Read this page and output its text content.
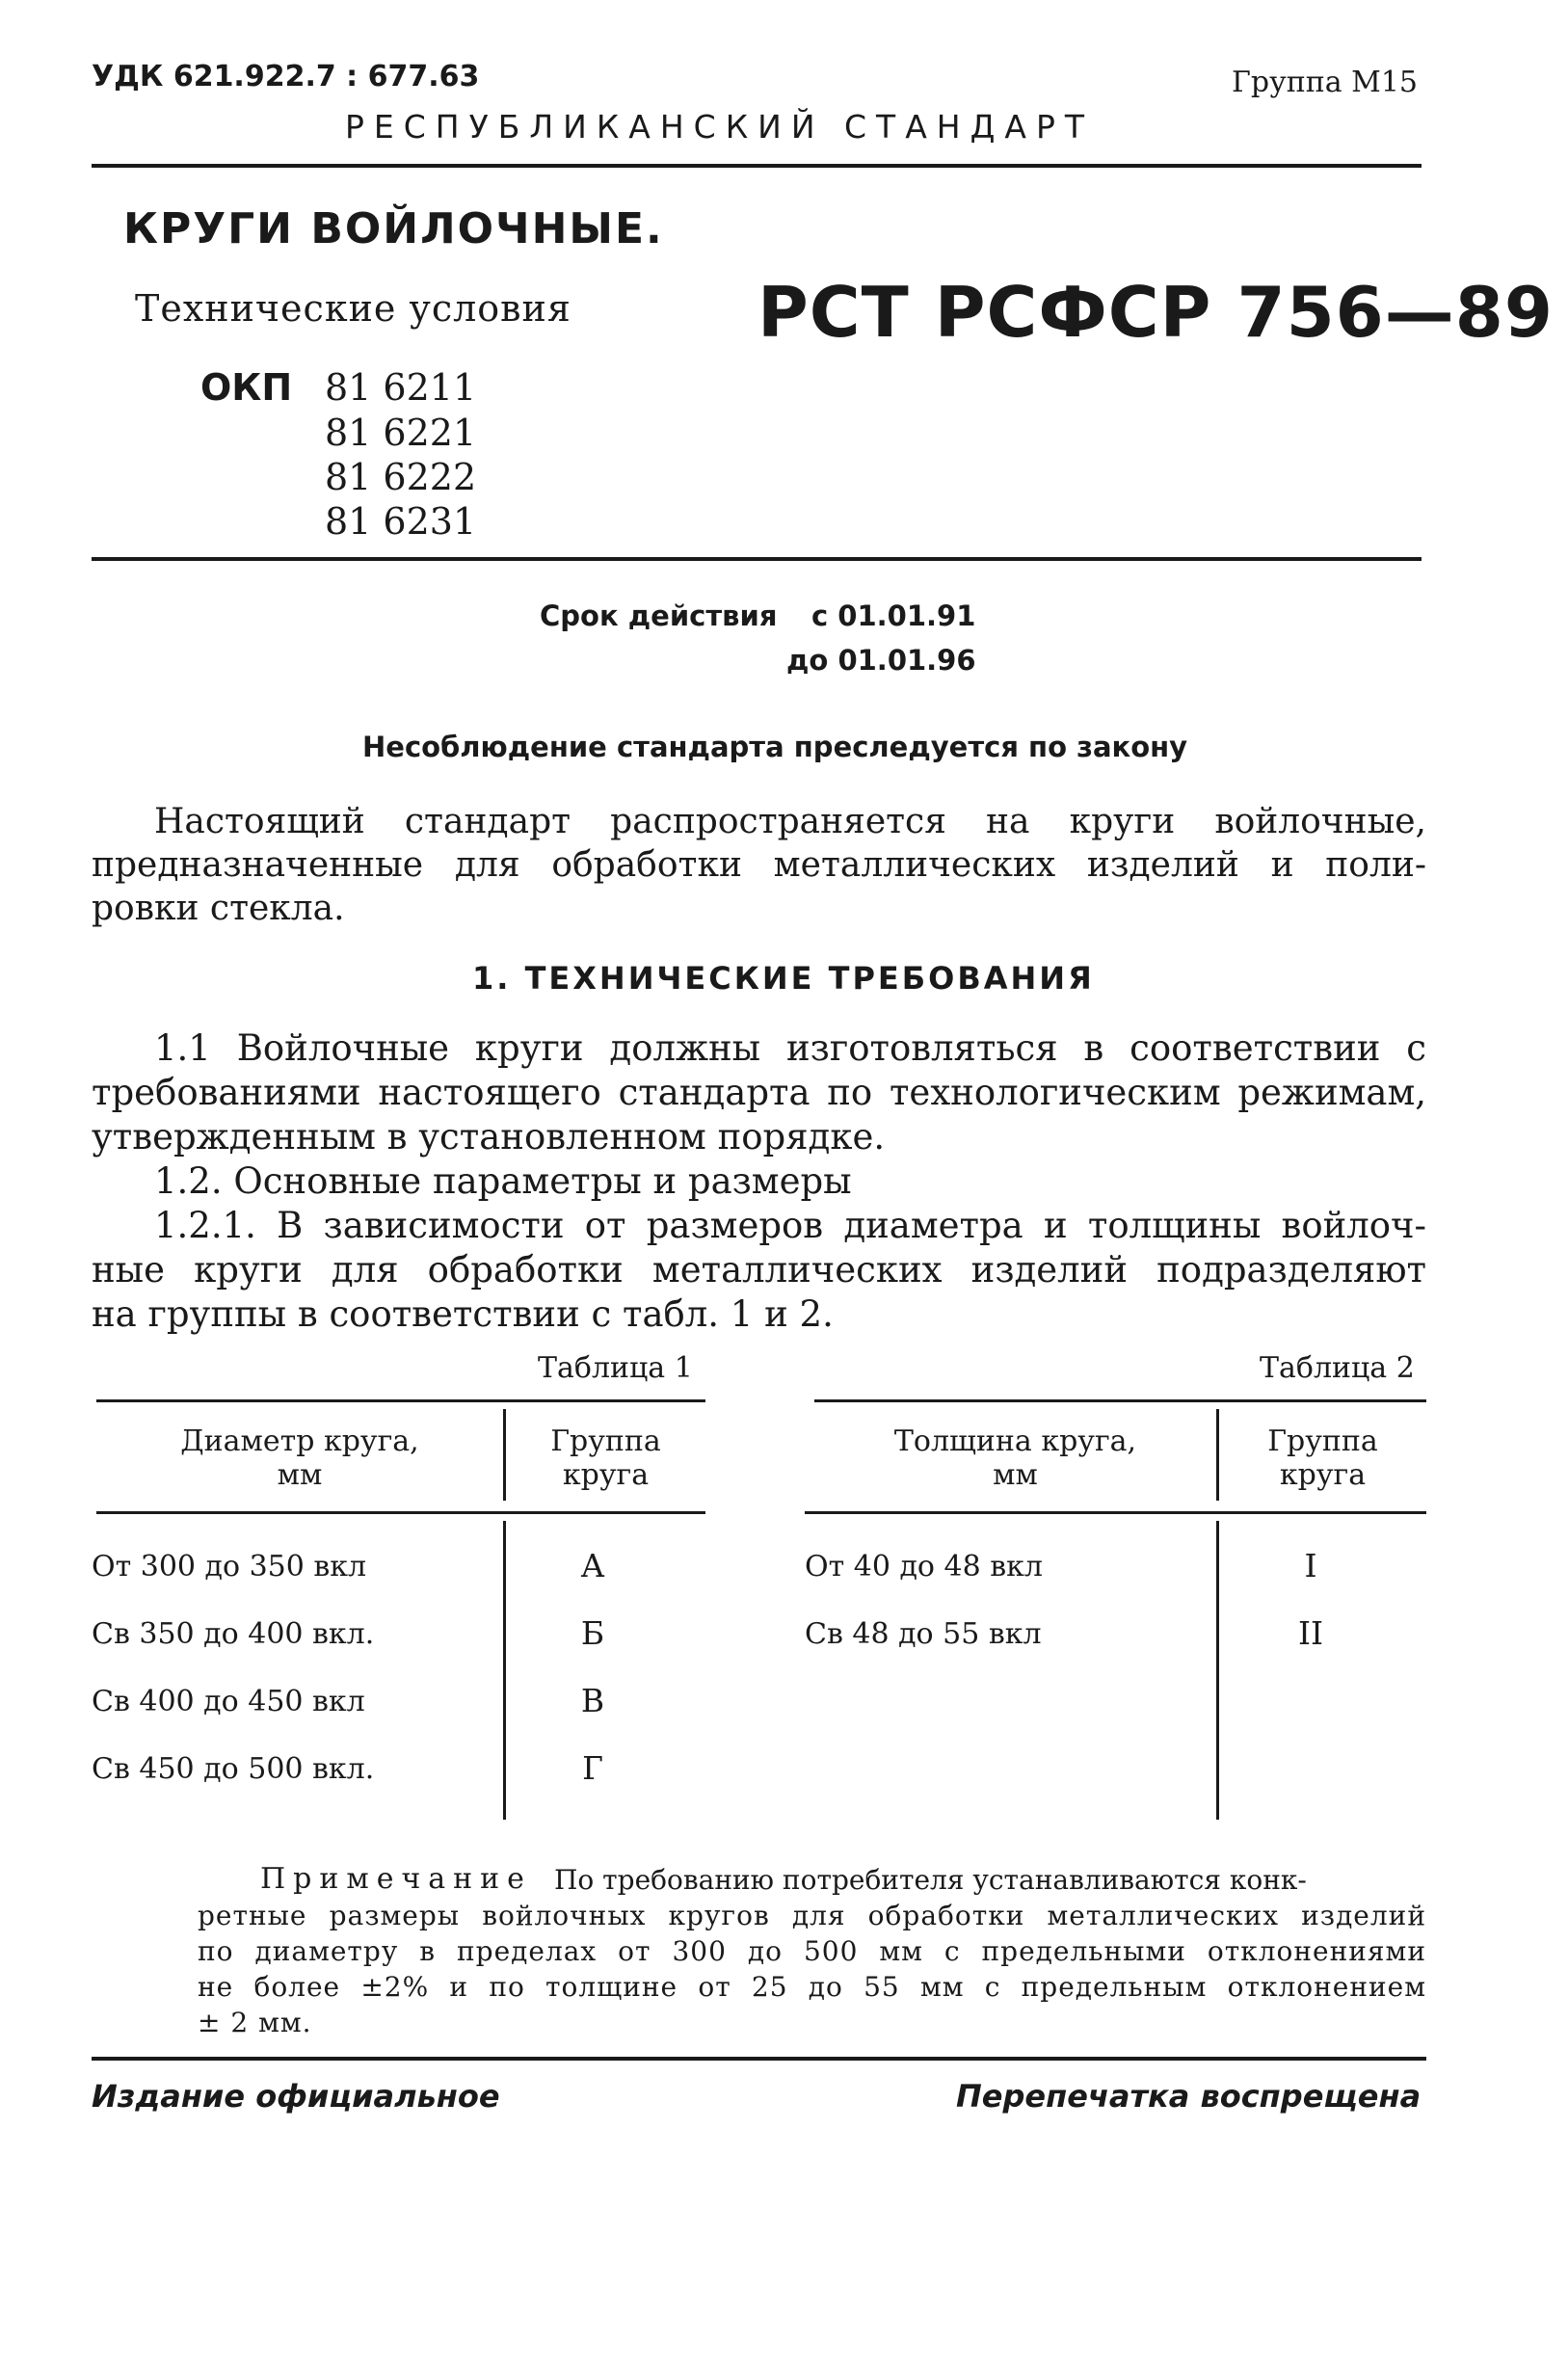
УДК 621.922.7 : 677.63	Группа М15
РЕСПУБЛИКАНСКИЙ СТАНДАРТ
КРУГИ ВОЙЛОЧНЫЕ.
Технические условия	РСТ РСФСР 756—89
ОКП 81 6211
81 6221
81 6222
81 6231
Срок действия с 01.01.91
до 01.01.96
Несоблюдение стандарта преследуется по закону
Настоящий стандарт распространяется на круги войлочные,
предназначенные для обработки металлических изделий и поли-
ровки стекла.
1. ТЕХНИЧЕСКИЕ ТРЕБОВАНИЯ
1.1 Войлочные круги должны изготовляться в соответствии с
требованиями настоящего стандарта по технологическим режимам,
утвержденным в установленном порядке.
1.2. Основные параметры и размеры
1.2.1. В зависимости от размеров диаметра и толщины войлоч-
ные круги для обработки металлических изделий подразделяют
на группы в соответствии с табл. 1 и 2.
Таблица 1
Диаметр круга,
мм
Группа
круга
От 300 до 350 вкл	А
Св 350 до 400 вкл.	Б
Св 400 до 450 вкл	В
Св 450 до 500 вкл.	Г
Таблица 2
Толщина круга,
мм
Группа
круга
От 40 до 48 вкл	I
Св 48 до 55 вкл	II
Примечание По требованию потребителя устанавливаются конк-
ретные размеры войлочных кругов для обработки металлических изделий
по диаметру в пределах от 300 до 500 мм с предельными отклонениями
не более ±2% и по толщине от 25 до 55 мм с предельным отклонением
± 2 мм.
Издание официальное	Перепечатка воспрещена
